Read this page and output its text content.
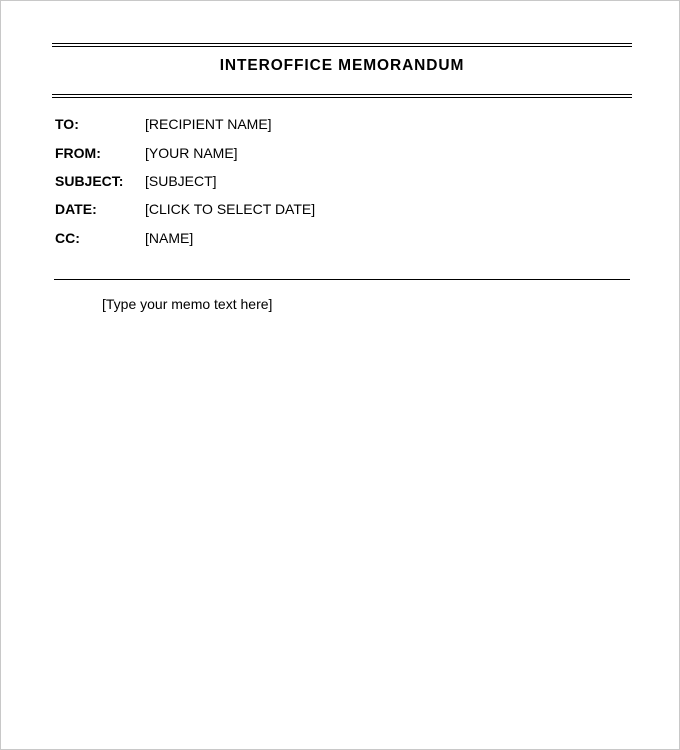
INTEROFFICE MEMORANDUM
TO:	[RECIPIENT NAME]
FROM:	[YOUR NAME]
SUBJECT:	[SUBJECT]
DATE:	[CLICK TO SELECT DATE]
CC:	[NAME]
[Type your memo text here]
